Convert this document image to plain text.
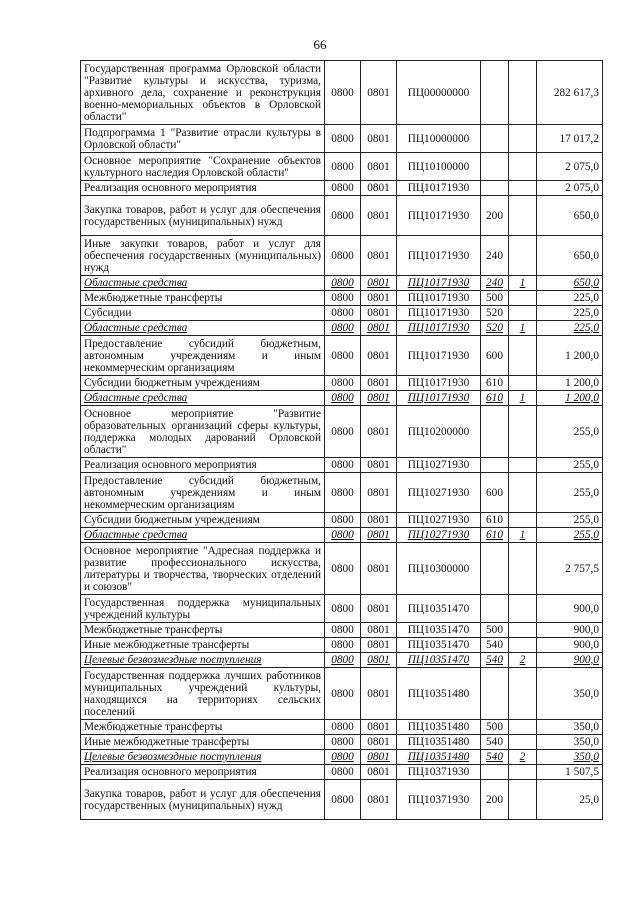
66
Государственная программа Орловской области "Развитие культуры и искусства, туризма, архивного дела, сохранение и реконструкция военно-мемориальных объектов в Орловской области"	0800	0801	ПЦ00000000			282 617,3
Подпрограмма 1 "Развитие отрасли культуры в Орловской области"	0800	0801	ПЦ10000000			17 017,2
Основное мероприятие "Сохранение объектов культурного наследия Орловской области"	0800	0801	ПЦ10100000			2 075,0
Реализация основного мероприятия	0800	0801	ПЦ10171930			2 075,0
Закупка товаров, работ и услуг для обеспечения государственных (муниципальных) нужд	0800	0801	ПЦ10171930	200		650,0
Иные закупки товаров, работ и услуг для обеспечения государственных (муниципальных) нужд	0800	0801	ПЦ10171930	240		650,0
Областные средства	0800	0801	ПЦ10171930	240	1	650,0
Межбюджетные трансферты	0800	0801	ПЦ10171930	500		225,0
Субсидии	0800	0801	ПЦ10171930	520		225,0
Областные средства	0800	0801	ПЦ10171930	520	1	225,0
Предоставление субсидий бюджетным, автономным учреждениям и иным некоммерческим организациям	0800	0801	ПЦ10171930	600		1 200,0
Субсидии бюджетным учреждениям	0800	0801	ПЦ10171930	610		1 200,0
Областные средства	0800	0801	ПЦ10171930	610	1	1 200,0
Основное мероприятие "Развитие образовательных организаций сферы культуры, поддержка молодых дарований Орловской области"	0800	0801	ПЦ10200000			255,0
Реализация основного мероприятия	0800	0801	ПЦ10271930			255,0
Предоставление субсидий бюджетным, автономным учреждениям и иным некоммерческим организациям	0800	0801	ПЦ10271930	600		255,0
Субсидии бюджетным учреждениям	0800	0801	ПЦ10271930	610		255,0
Областные средства	0800	0801	ПЦ10271930	610	1	255,0
Основное мероприятие "Адресная поддержка и развитие профессионального искусства, литературы и творчества, творческих отделений и союзов"	0800	0801	ПЦ10300000			2 757,5
Государственная поддержка муниципальных учреждений культуры	0800	0801	ПЦ10351470			900,0
Межбюджетные трансферты	0800	0801	ПЦ10351470	500		900,0
Иные межбюджетные трансферты	0800	0801	ПЦ10351470	540		900,0
Целевые безвозмездные поступления	0800	0801	ПЦ10351470	540	2	900,0
Государственная поддержка лучших работников муниципальных учреждений культуры, находящихся на территориях сельских поселений	0800	0801	ПЦ10351480			350,0
Межбюджетные трансферты	0800	0801	ПЦ10351480	500		350,0
Иные межбюджетные трансферты	0800	0801	ПЦ10351480	540		350,0
Целевые безвозмездные поступления	0800	0801	ПЦ10351480	540	2	350,0
Реализация основного мероприятия	0800	0801	ПЦ10371930			1 507,5
Закупка товаров, работ и услуг для обеспечения государственных (муниципальных) нужд	0800	0801	ПЦ10371930	200		25,0
